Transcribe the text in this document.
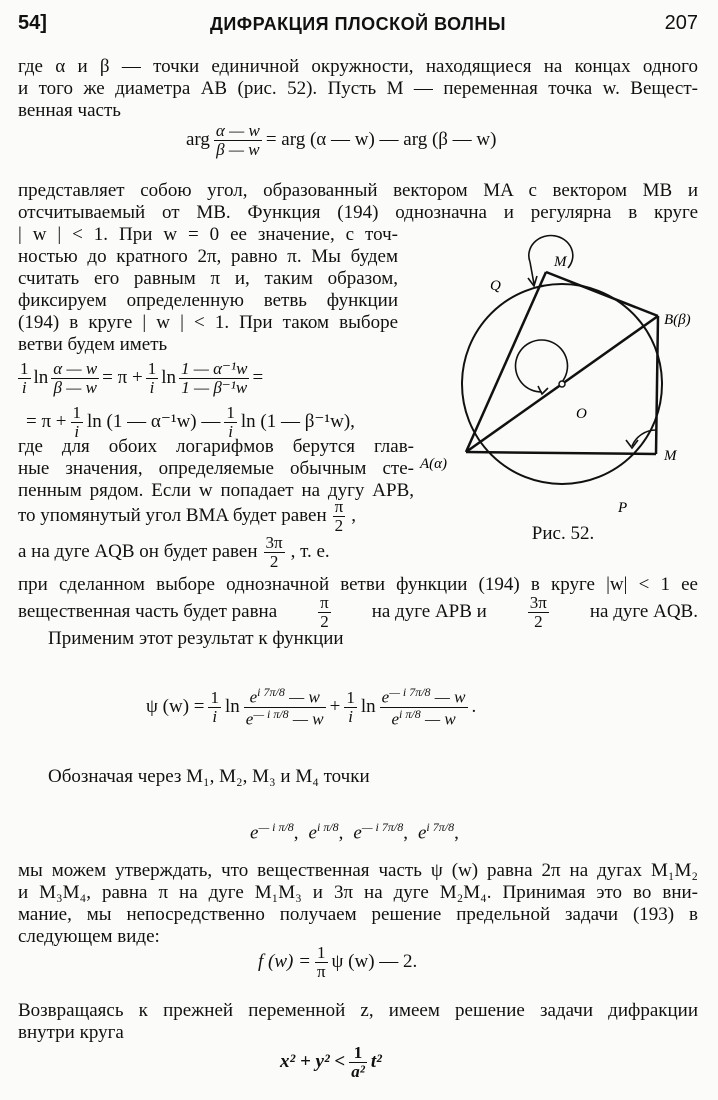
54]	ДИФРАКЦИЯ ПЛОСКОЙ ВОЛНЫ	207
где α и β — точки единичной окружности, находящиеся на концах одного
и того же диаметра AB (рис. 52). Пусть M — переменная точка w. Вещест-
венная часть
arg $\frac{\alpha — w}{\beta — w}$ = arg (α — w) — arg (β — w)
представляет собою угол, образованный вектором MA с вектором MB и
отсчитываемый от MB. Функция (194) однозначна и регулярна в круге
| w | < 1. При w = 0 ее значение, с точ-
ностью до кратного 2π, равно π. Мы будем
считать его равным π и, таким образом,
фиксируем определенную ветвь функции
(194) в круге | w | < 1. При таком выборе
ветви будем иметь
$\frac{1}{i}$ $\ln \frac{\alpha — w}{\beta — w} = \pi + \frac{1}{i}$ $\ln \frac{\text{1 — α⁻¹w}}{\text{1 — β⁻¹w}}$ =
= $\pi + \frac{1}{i}$ ln (1 — α⁻¹w) — $\frac{1}{i}$ ln (1 — β⁻¹w),
где для обоих логарифмов берутся глав-
ные значения, определяемые обычным сте-
пенным рядом. Если w попадает на дугу APB,
то упомянутый угол BMA будет равен $\frac{\pi}{2}$ ,
а на дуге AQB он будет равен $\frac{3\pi}{2}$ , т. е.
M
Q
B(β)
O
A(α)	M
P
Рис. 52.
при сделанном выборе однозначной ветви функции (194) в круге |w| < 1 ее
вещественная часть будет равна $\frac{\pi}{2}$ на дуге APB и $\frac{3\pi}{2}$ на дуге AQB.
Применим этот результат к функции
ψ $(w) = \frac{1}{i}$ $\ln \frac{e^{i 7\pi/8} — w}{e^{— i \pi/8} — w} + \frac{1}{i}$ $\ln \frac{e^{— i 7\pi/8} — w}{e^{i \pi/8} — w}$ .
Обозначая через M₁, M₂, M₃ и M₄ точки
$e^{— i \pi/8}$, $e^{i \pi/8}$, $e^{— i 7\pi/8}$, $e^{i 7\pi/8}$,
мы можем утверждать, что вещественная часть ψ (w) равна 2π на дугах M₁M₂
и M₃M₄, равна π на дуге M₁M₃ и 3π на дуге M₂M₄. Принимая это во вни-
мание, мы непосредственно получаем решение предельной задачи (193) в
следующем виде:
f $(w) = \frac{1}{\pi}$ ψ (w) — 2.
Возвращаясь к прежней переменной z, имеем решение задачи дифракции
внутри круга
$x^2 + y^2 < \frac{1}{\text{a²}} t^2$
